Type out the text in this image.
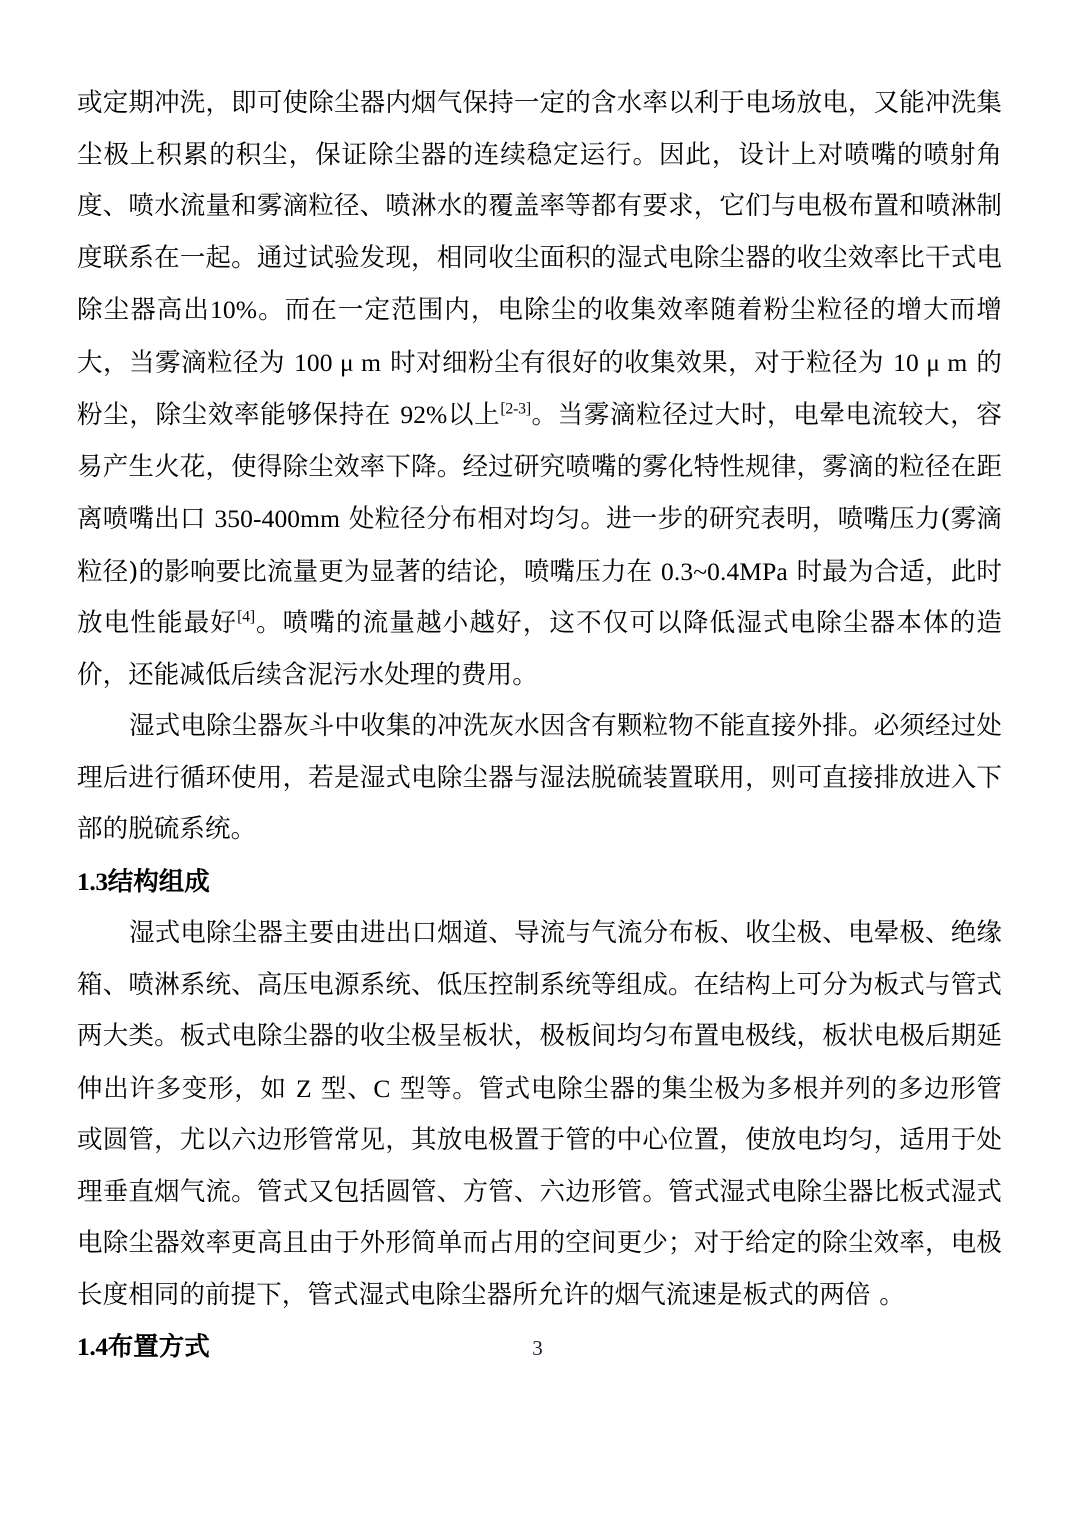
或定期冲洗，即可使除尘器内烟气保持一定的含水率以利于电场放电，又能冲洗集尘极上积累的积尘，保证除尘器的连续稳定运行。因此，设计上对喷嘴的喷射角度、喷水流量和雾滴粒径、喷淋水的覆盖率等都有要求，它们与电极布置和喷淋制度联系在一起。通过试验发现，相同收尘面积的湿式电除尘器的收尘效率比干式电除尘器高出10%。而在一定范围内，电除尘的收集效率随着粉尘粒径的增大而增大，当雾滴粒径为 100 μ m 时对细粉尘有很好的收集效果，对于粒径为 10 μ m 的粉尘，除尘效率能够保持在 92%以上[2-3]。当雾滴粒径过大时，电晕电流较大，容易产生火花，使得除尘效率下降。经过研究喷嘴的雾化特性规律，雾滴的粒径在距离喷嘴出口 350-400mm 处粒径分布相对均匀。进一步的研究表明，喷嘴压力(雾滴粒径)的影响要比流量更为显著的结论，喷嘴压力在 0.3~0.4MPa 时最为合适，此时放电性能最好[4]。喷嘴的流量越小越好，这不仅可以降低湿式电除尘器本体的造价，还能减低后续含泥污水处理的费用。

湿式电除尘器灰斗中收集的冲洗灰水因含有颗粒物不能直接外排。必须经过处理后进行循环使用，若是湿式电除尘器与湿法脱硫装置联用，则可直接排放进入下部的脱硫系统。

1.3结构组成

湿式电除尘器主要由进出口烟道、导流与气流分布板、收尘极、电晕极、绝缘箱、喷淋系统、高压电源系统、低压控制系统等组成。在结构上可分为板式与管式两大类。板式电除尘器的收尘极呈板状，极板间均匀布置电极线，板状电极后期延伸出许多变形，如 Z 型、C 型等。管式电除尘器的集尘极为多根并列的多边形管或圆管，尤以六边形管常见，其放电极置于管的中心位置，使放电均匀，适用于处理垂直烟气流。管式又包括圆管、方管、六边形管。管式湿式电除尘器比板式湿式电除尘器效率更高且由于外形简单而占用的空间更少；对于给定的除尘效率，电极长度相同的前提下，管式湿式电除尘器所允许的烟气流速是板式的两倍 。

1.4布置方式	3
